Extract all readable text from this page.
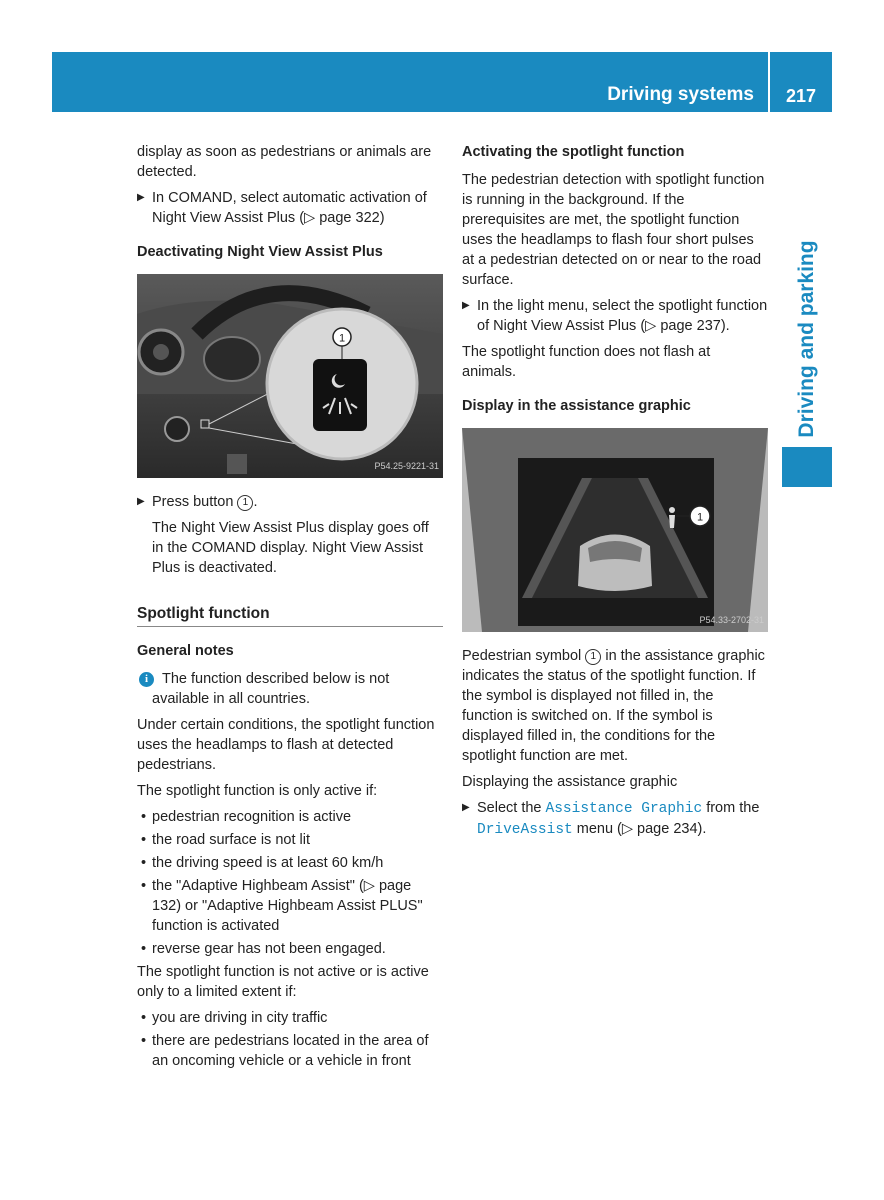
Driving systems	217
Driving and parking

display as soon as pedestrians or animals are detected.

▶ In COMAND, select automatic activation of Night View Assist Plus (▷ page 322)
Deactivating Night View Assist Plus
1
P54.25-9221-31
▶ Press button 1 .

The Night View Assist Plus display goes off in the COMAND display. Night View Assist Plus is deactivated.

Spotlight function
General notes
i The function described below is not available in all countries.

Under certain conditions, the spotlight function uses the headlamps to flash at detected pedestrians.

The spotlight function is only active if:

• pedestrian recognition is active
• the road surface is not lit
• the driving speed is at least 60 km/h
• the "Adaptive Highbeam Assist" (▷ page 132) or "Adaptive Highbeam Assist PLUS" function is activated
• reverse gear has not been engaged.

The spotlight function is not active or is active only to a limited extent if:

• you are driving in city traffic
• there are pedestrians located in the area of an oncoming vehicle or a vehicle in front
Activating the spotlight function

The pedestrian detection with spotlight function is running in the background. If the prerequisites are met, the spotlight function uses the headlamps to flash four short pulses at a pedestrian detected on or near to the road surface.

▶ In the light menu, select the spotlight function of Night View Assist Plus (▷ page 237).

The spotlight function does not flash at animals.

Display in the assistance graphic
1
P54.33-2702-31

Pedestrian symbol 1 in the assistance graphic indicates the status of the spotlight function. If the symbol is displayed not filled in, the function is switched on. If the symbol is displayed filled in, the conditions for the spotlight function are met.

Displaying the assistance graphic

▶ Select the Assistance Graphic from the DriveAssist menu (▷ page 234).
